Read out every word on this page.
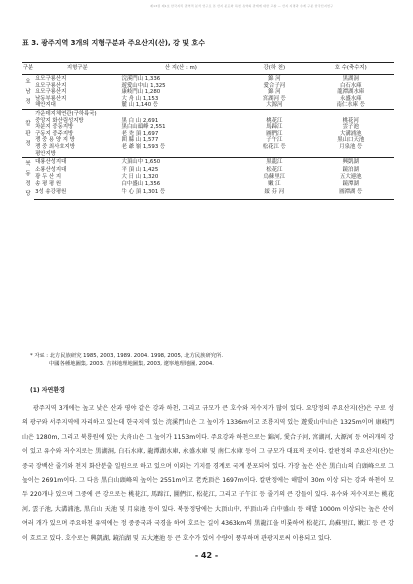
제13권 제1호 한국지리 권역적 분석 연구로 본 산지 분포와 하천 유역의 관계에 대한 고찰 — 산지 지명과 수계 구분 한국산지연구
표 3. 광주지역 3개의 지형구분과 주요산지(산), 강 및 호수
구분	지형구분	산 지(산 : m)	강(하 천)	호 수(축수지)

요
남
정	요모구룡산지	浣溪門山 1,336	錦 河	黒湖洞
	요모구룡산지	遊愛山中山 1,325	愛合子河	白石水庫
	요모구룡산지	康岐門山 1,280	錦 河	龍潭湖水庫
	남동부룡산지	大 舟 山 1,153	宮湖河 등	永盛水庫
	해안지대	麓 山 1,140 등	大源河	南仁水庫 등

칼
판
정	가운데지체연관(구하륙국)			
	중앙지 화산림성지방	黒 白 山 2,691	桃花江	桃花河
	차분지 중동지방	黒白山頭峰 2,551	馬蹄江	雲子池
	구동지 중주지방	老 禿 頂 1,697	圖們江	大溝浦池
	쟁 중 용 양 지 방	囲 縣 山 1,577	子午江	黒山口天池
	쟁 중 최사호지방	老 爺 嶺 1,593 등	松花江 등	月泉池 등
	평안지방			

북
동
정
당	대룡산성지대	大頂山中 1,650	黒龍江	興凱湖
	소룡산성지대	平 頂 山 1,425	松花江	鏡泊湖
	광 두 산 지	大 日 山 1,320	烏蘇里江	五大連池
	송 평 평 원	白中盛山 1,356	嫩 江	鏡潭湖
	3성 송강평원	牛 心 頂 1,301 등	綏 芬 河	圓潭湖 등
* 자료 : 北方民族研究 1985, 2003, 1989. 2004. 1998, 2005, 北方民族研究所.
中國各種地圖集, 2003. 吉林地理地圖集, 2003, 遼寧地理地圖, 2004.
(1) 자연환경
광주지역 3개에는 높고 낮은 산과 평야 같은 강과 하천, 그리고 규모가 큰 호수와 저수지가 많이 있다. 요망정의 주요산지(산)은 구로 성의 광구와 서주지역에 자리하고 있는데 한국지역 있는 浣溪門山은 그 높이가 1336m이고 조룡지역 있는 遊愛山中山은 1325m이며 康岐門山은 1280m, 그리고 북룡원에 있는 大舟山은 그 높이가 1153m이다. 주요강과 하천으로는 錦河, 愛合子河, 宮湖河, 大源河 등 여러개의 강이 있고 유수와 저수지로는 黒湖洞, 白石水庫, 龍潭湖水庫, 永盛水庫 및 南仁水庫 등이 그 규모가 대표적 곳이다. 칼판정의 주요산지(산)는 중국 장백산 줄기와 천지 화산분출 일원으로 하고 있으며 이외는 기지를 경계로 국계 분포되어 있다. 가장 높은 산은 黒白山의 白頭峰으로 그 높이는 2691m이다. 그 다음 黒白山頭峰의 높이는 2551m이고 老禿頂은 1697m이다. 칼판정에는 해발이 30m 이상 되는 강과 하천이 모두 220개나 있으며 그중에 큰 강으로는 桃花江, 馬蹄江, 圖們江, 松花江, 그리고 子午江 등 줄기의 큰 강들이 있다. 유수와 저수지로는 桃花河, 雲子池, 大溝浦池, 黒白山 天池 및 月泉池 등이 있다. 북동정당에는 大頂山中, 平頂山과 白中盛山 등 해발 1000m 이상되는 높은 산이 여러 개가 있으며 주요하천 유역에는 정 중중국과 국경을 하여 호르는 길이 4363km의 黒龍江을 비롯하여 松花江, 烏蘇里江, 嫩江 등 큰 강이 흐르고 있다. 호수로는 興凱湖, 鏡泊湖 및 五大連池 등 큰 호수가 있어 수량이 풍부하며 관광지로써 이용되고 있다.
- 42 -
